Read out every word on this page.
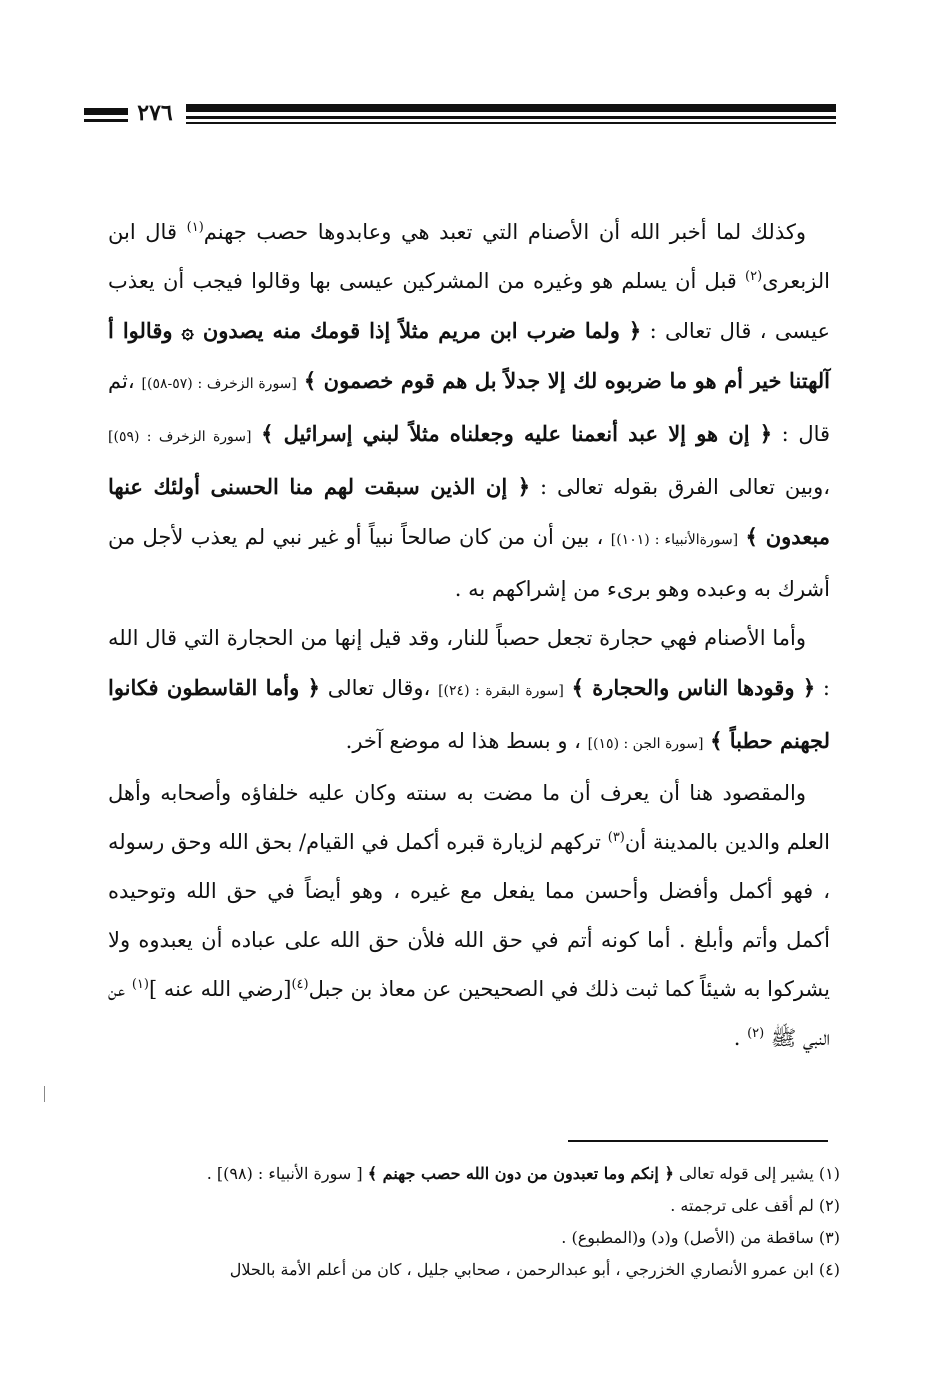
٢٧٦

وكذلك لما أخبر الله أن الأصنام التي تعبد هي وعابدوها حصب جهنم$^{(١)}$ قال ابن الزبعرى$^{(٢)}$ قبل أن يسلم هو وغيره من المشركين عيسى بها وقالوا فيجب أن يعذب عيسى ، قال تعالى : ﴿ ولما ضرب ابن مريم مثلاً إذا قومك منه يصدون ۞ وقالوا أ آلهتنا خير أم هو ما ضربوه لك إلا جدلاً بل هم قوم خصمون ﴾ [سورة الزخرف : (٥٧-٥٨)] ،ثم قال : ﴿ إن هو إلا عبد أنعمنا عليه وجعلناه مثلاً لبني إسرائيل ﴾ [سورة الزخرف : (٥٩)] ،وبين تعالى الفرق بقوله تعالى : ﴿ إن الذين سبقت لهم منا الحسنى أولئك عنها مبعدون ﴾ [سورةالأنبياء : (١٠١)] ، بين أن من كان صالحاً نبياً أو غير نبي لم يعذب لأجل من أشرك به وعبده وهو برىء من إشراكهم به .

وأما الأصنام فهي حجارة تجعل حصباً للنار، وقد قيل إنها من الحجارة التي قال الله : ﴿ وقودها الناس والحجارة ﴾ [سورة البقرة : (٢٤)] ،وقال تعالى ﴿ وأما القاسطون فكانوا لجهنم حطباً ﴾ [سورة الجن : (١٥)] ، و بسط هذا له موضع آخر.

والمقصود هنا أن يعرف أن ما مضت به سنته وكان عليه خلفاؤه وأصحابه وأهل العلم والدين بالمدينة أن$^{(٣)}$ تركهم لزيارة قبره أكمل في القيام/ بحق الله وحق رسوله ، فهو أكمل وأفضل وأحسن مما يفعل مع غيره ، وهو أيضاً في حق الله وتوحيده أكمل وأتم وأبلغ . أما كونه أتم في حق الله فلأن حق الله على عباده أن يعبدوه ولا يشركوا به شيئاً كما ثبت ذلك في الصحيحين عن معاذ بن جبل$^{(٤)}$[رضي الله عنه ]$^{(١)}$ عن النبي ﷺ $^{(٢)}$ .

(١) يشير إلى قوله تعالى ﴿ إنكم وما تعبدون من دون الله حصب جهنم ﴾ [ سورة الأنبياء : (٩٨)] .

(٢) لم أقف على ترجمته .

(٣) ساقطة من (الأصل) و(د) و(المطبوع) .

(٤) ابن عمرو الأنصاري الخزرجي ، أبو عبدالرحمن ، صحابي جليل ، كان من أعلم الأمة بالحلال
